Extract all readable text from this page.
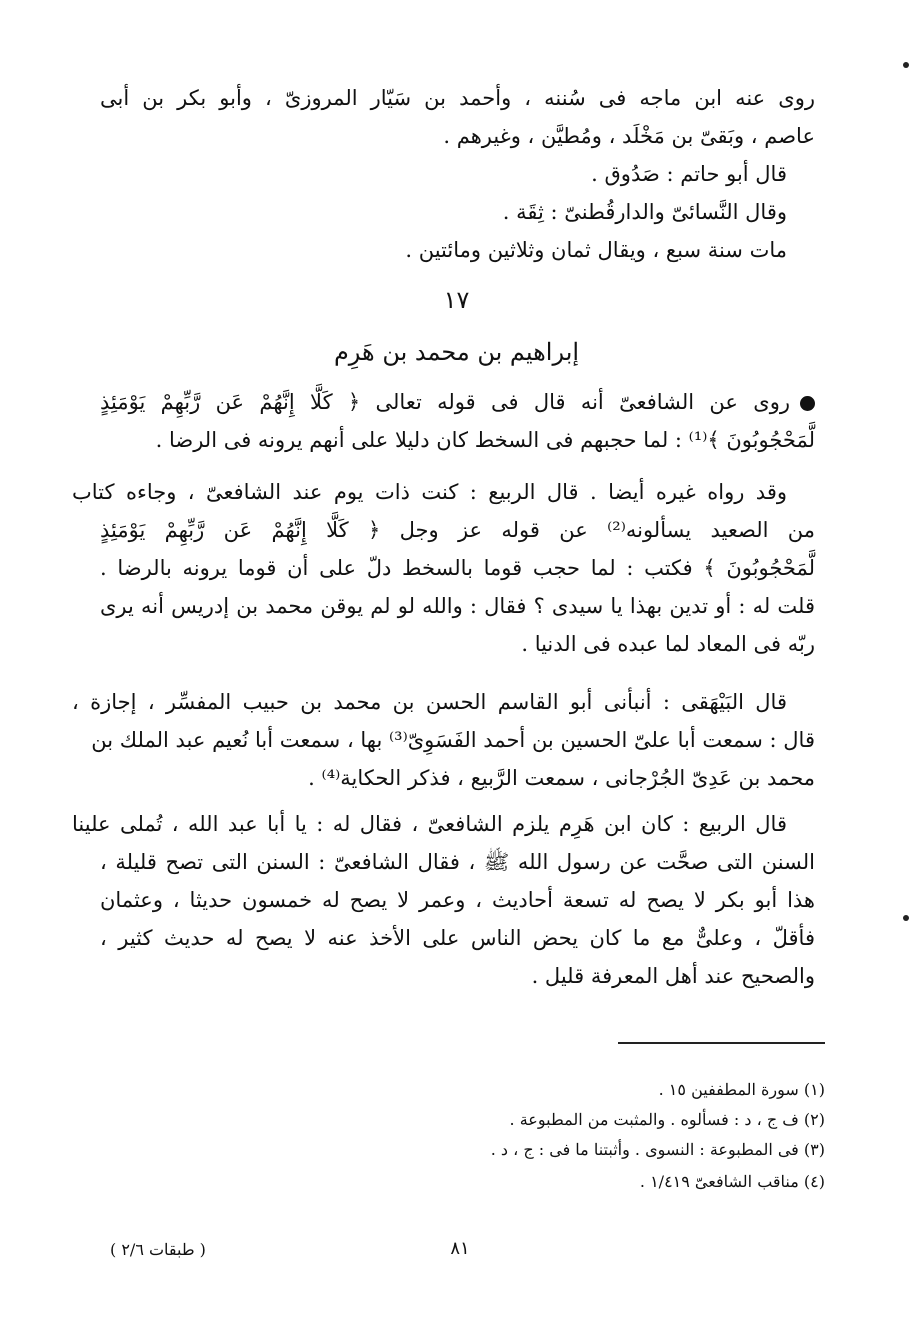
روى عنه ابن ماجه فى سُننه ، وأحمد بن سَيّار المروزىّ ، وأبو بكر بن أبى
عاصم ، وبَقىّ بن مَخْلَد ، ومُطيَّن ، وغيرهم .
قال أبو حاتم : صَدُوق .
وقال النَّسائىّ والدارقُطنىّ : ثِقَة .
مات سنة سبع ، ويقال ثمان وثلاثين ومائتين .
١٧
إبراهيم بن محمد بن هَرِم
روى عن الشافعىّ أنه قال فى قوله تعالى ﴿ كَلَّا إِنَّهُمْ عَن رَّبِّهِمْ يَوْمَئِذٍ
لَّمَحْجُوبُونَ ﴾⁽¹⁾ : لما حجبهم فى السخط كان دليلا على أنهم يرونه فى الرضا .
وقد رواه غيره أيضا . قال الربيع : كنت ذات يوم عند الشافعىّ ، وجاءه كتاب
من الصعيد يسألونه⁽²⁾ عن قوله عز وجل ﴿ كَلَّا إِنَّهُمْ عَن رَّبِّهِمْ يَوْمَئِذٍ
لَّمَحْجُوبُونَ ﴾ فكتب : لما حجب قوما بالسخط دلّ على أن قوما يرونه بالرضا .
قلت له : أو تدين بهذا يا سيدى ؟ فقال : والله لو لم يوقن محمد بن إدريس أنه يرى
ربّه فى المعاد لما عبده فى الدنيا .
قال البَيْهَقى : أنبأنى أبو القاسم الحسن بن محمد بن حبيب المفسِّر ، إجازة ،
قال : سمعت أبا علىّ الحسين بن أحمد الفَسَوِىّ⁽³⁾ بها ، سمعت أبا نُعيم عبد الملك بن
محمد بن عَدِىّ الجُرْجانى ، سمعت الرَّبيع ، فذكر الحكاية⁽⁴⁾ .
قال الربيع : كان ابن هَرِم يلزم الشافعىّ ، فقال له : يا أبا عبد الله ، تُملى علينا
السنن التى صحَّت عن رسول الله ﷺ ، فقال الشافعىّ : السنن التى تصح قليلة ،
هذا أبو بكر لا يصح له تسعة أحاديث ، وعمر لا يصح له خمسون حديثا ، وعثمان
فأقلّ ، وعلىٌّ مع ما كان يحض الناس على الأخذ عنه لا يصح له حديث كثير ،
والصحيح عند أهل المعرفة قليل .
(١) سورة المطففين ١٥ .
(٢) ف ج ، د : فسألوه . والمثبت من المطبوعة .
(٣) فى المطبوعة : النسوى . وأثبتنا ما فى : ج ، د .
(٤) مناقب الشافعىّ ١/٤١٩ .
٨١
( طبقات ٢/٦ )
